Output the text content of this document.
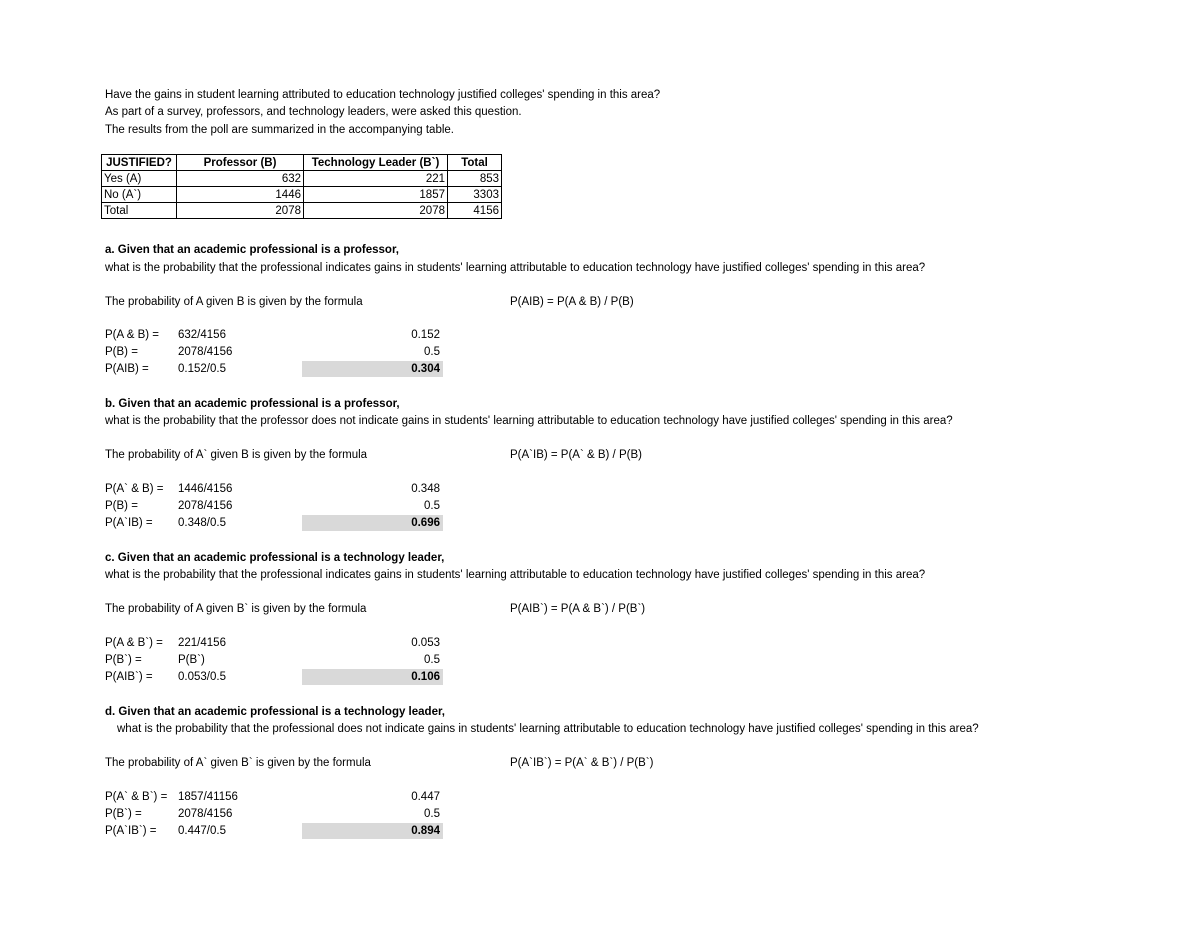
Have the gains in student learning attributed to education technology justified colleges' spending in this area?
As part of a survey, professors, and technology leaders, were asked this question.
The results from the poll are summarized in the accompanying table.
JUSTIFIED?	Professor (B)	Technology Leader (B`)	Total
Yes (A)	632	221	853
No (A`)	1446	1857	3303
Total	2078	2078	4156
a. Given that an academic professional is a professor,
what is the probability that the professional indicates gains in students' learning attributable to education technology have justified colleges' spending in this area?
The probability of A given B is given by the formula	P(AIB) = P(A & B) / P(B)
P(A & B) = 632/4156	0.152
P(B) =	2078/4156	0.5
P(AIB) =	0.152/0.5	0.304
b. Given that an academic professional is a professor,
what is the probability that the professor does not indicate gains in students' learning attributable to education technology have justified colleges' spending in this area?
The probability of A` given B is given by the formula	P(A`IB) = P(A` & B) / P(B)
P(A` & B) = 1446/4156	0.348
P(B) =	2078/4156	0.5
P(A`IB) = 0.348/0.5	0.696
c. Given that an academic professional is a technology leader,
what is the probability that the professional indicates gains in students' learning attributable to education technology have justified colleges' spending in this area?
The probability of A given B` is given by the formula	P(AIB`) = P(A & B`) / P(B`)
P(A & B`) = 221/4156	0.053
P(B`) =	P(B`)	0.5
P(AIB`) = 0.053/0.5	0.106
d. Given that an academic professional is a technology leader,
what is the probability that the professional does not indicate gains in students' learning attributable to education technology have justified colleges' spending in this area?
The probability of A` given B` is given by the formula	P(A`IB`) = P(A` & B`) / P(B`)
P(A` & B`) = 1857/41156	0.447
P(B`) =	2078/4156	0.5
P(A`IB`) = 0.447/0.5	0.894
